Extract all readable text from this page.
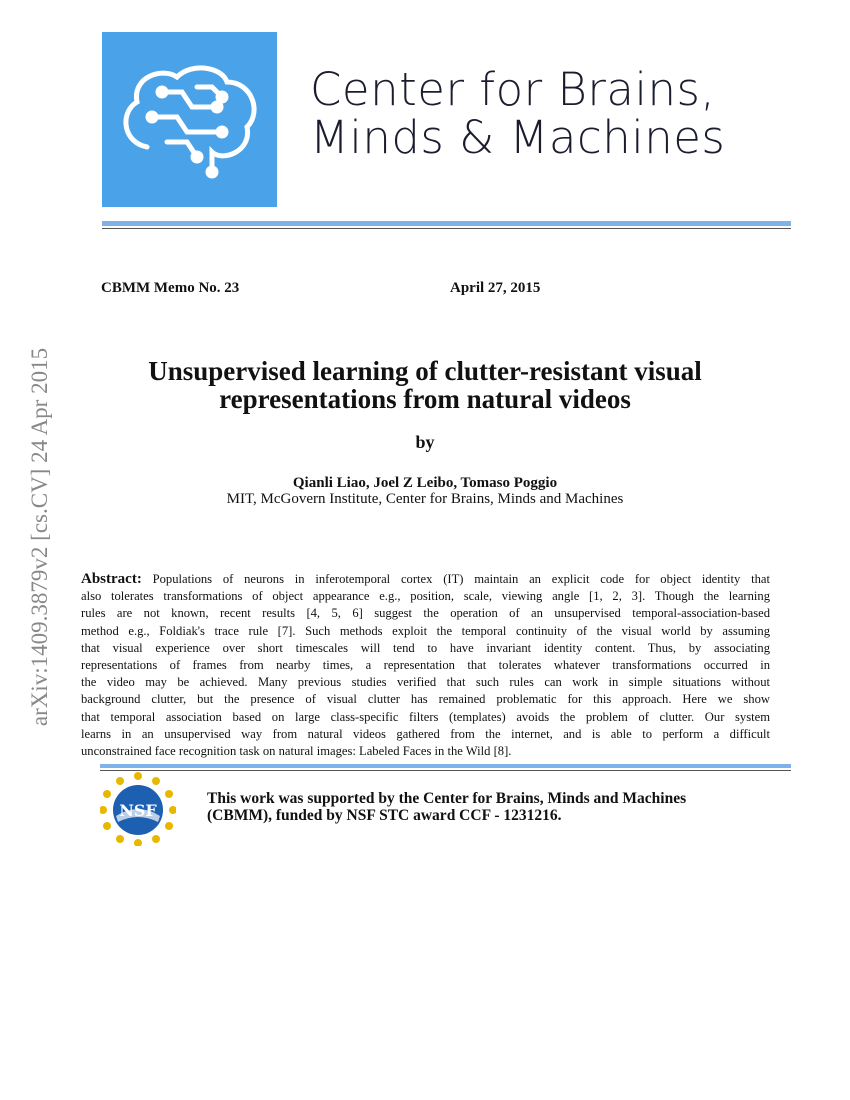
Center for Brains,
Minds & Machines
CBMM Memo No. 23	April 27, 2015
Unsupervised learning of clutter-resistant visual
representations from natural videos
by
Qianli Liao, Joel Z Leibo, Tomaso Poggio
MIT, McGovern Institute, Center for Brains, Minds and Machines
Abstract: Populations of neurons in inferotemporal cortex (IT) maintain an explicit code for object identity that
also tolerates transformations of object appearance e.g., position, scale, viewing angle [1, 2, 3]. Though the learning
rules are not known, recent results [4, 5, 6] suggest the operation of an unsupervised temporal-association-based
method e.g., Foldiak's trace rule [7]. Such methods exploit the temporal continuity of the visual world by assuming
that visual experience over short timescales will tend to have invariant identity content. Thus, by associating
representations of frames from nearby times, a representation that tolerates whatever transformations occurred in
the video may be achieved. Many previous studies verified that such rules can work in simple situations without
background clutter, but the presence of visual clutter has remained problematic for this approach. Here we show
that temporal association based on large class-specific filters (templates) avoids the problem of clutter. Our system
learns in an unsupervised way from natural videos gathered from the internet, and is able to perform a difficult
unconstrained face recognition task on natural images: Labeled Faces in the Wild [8].
NSF
This work was supported by the Center for Brains, Minds and Machines
(CBMM), funded by NSF STC award CCF - 1231216.
arXiv:1409.3879v2 [cs.CV] 24 Apr 2015
